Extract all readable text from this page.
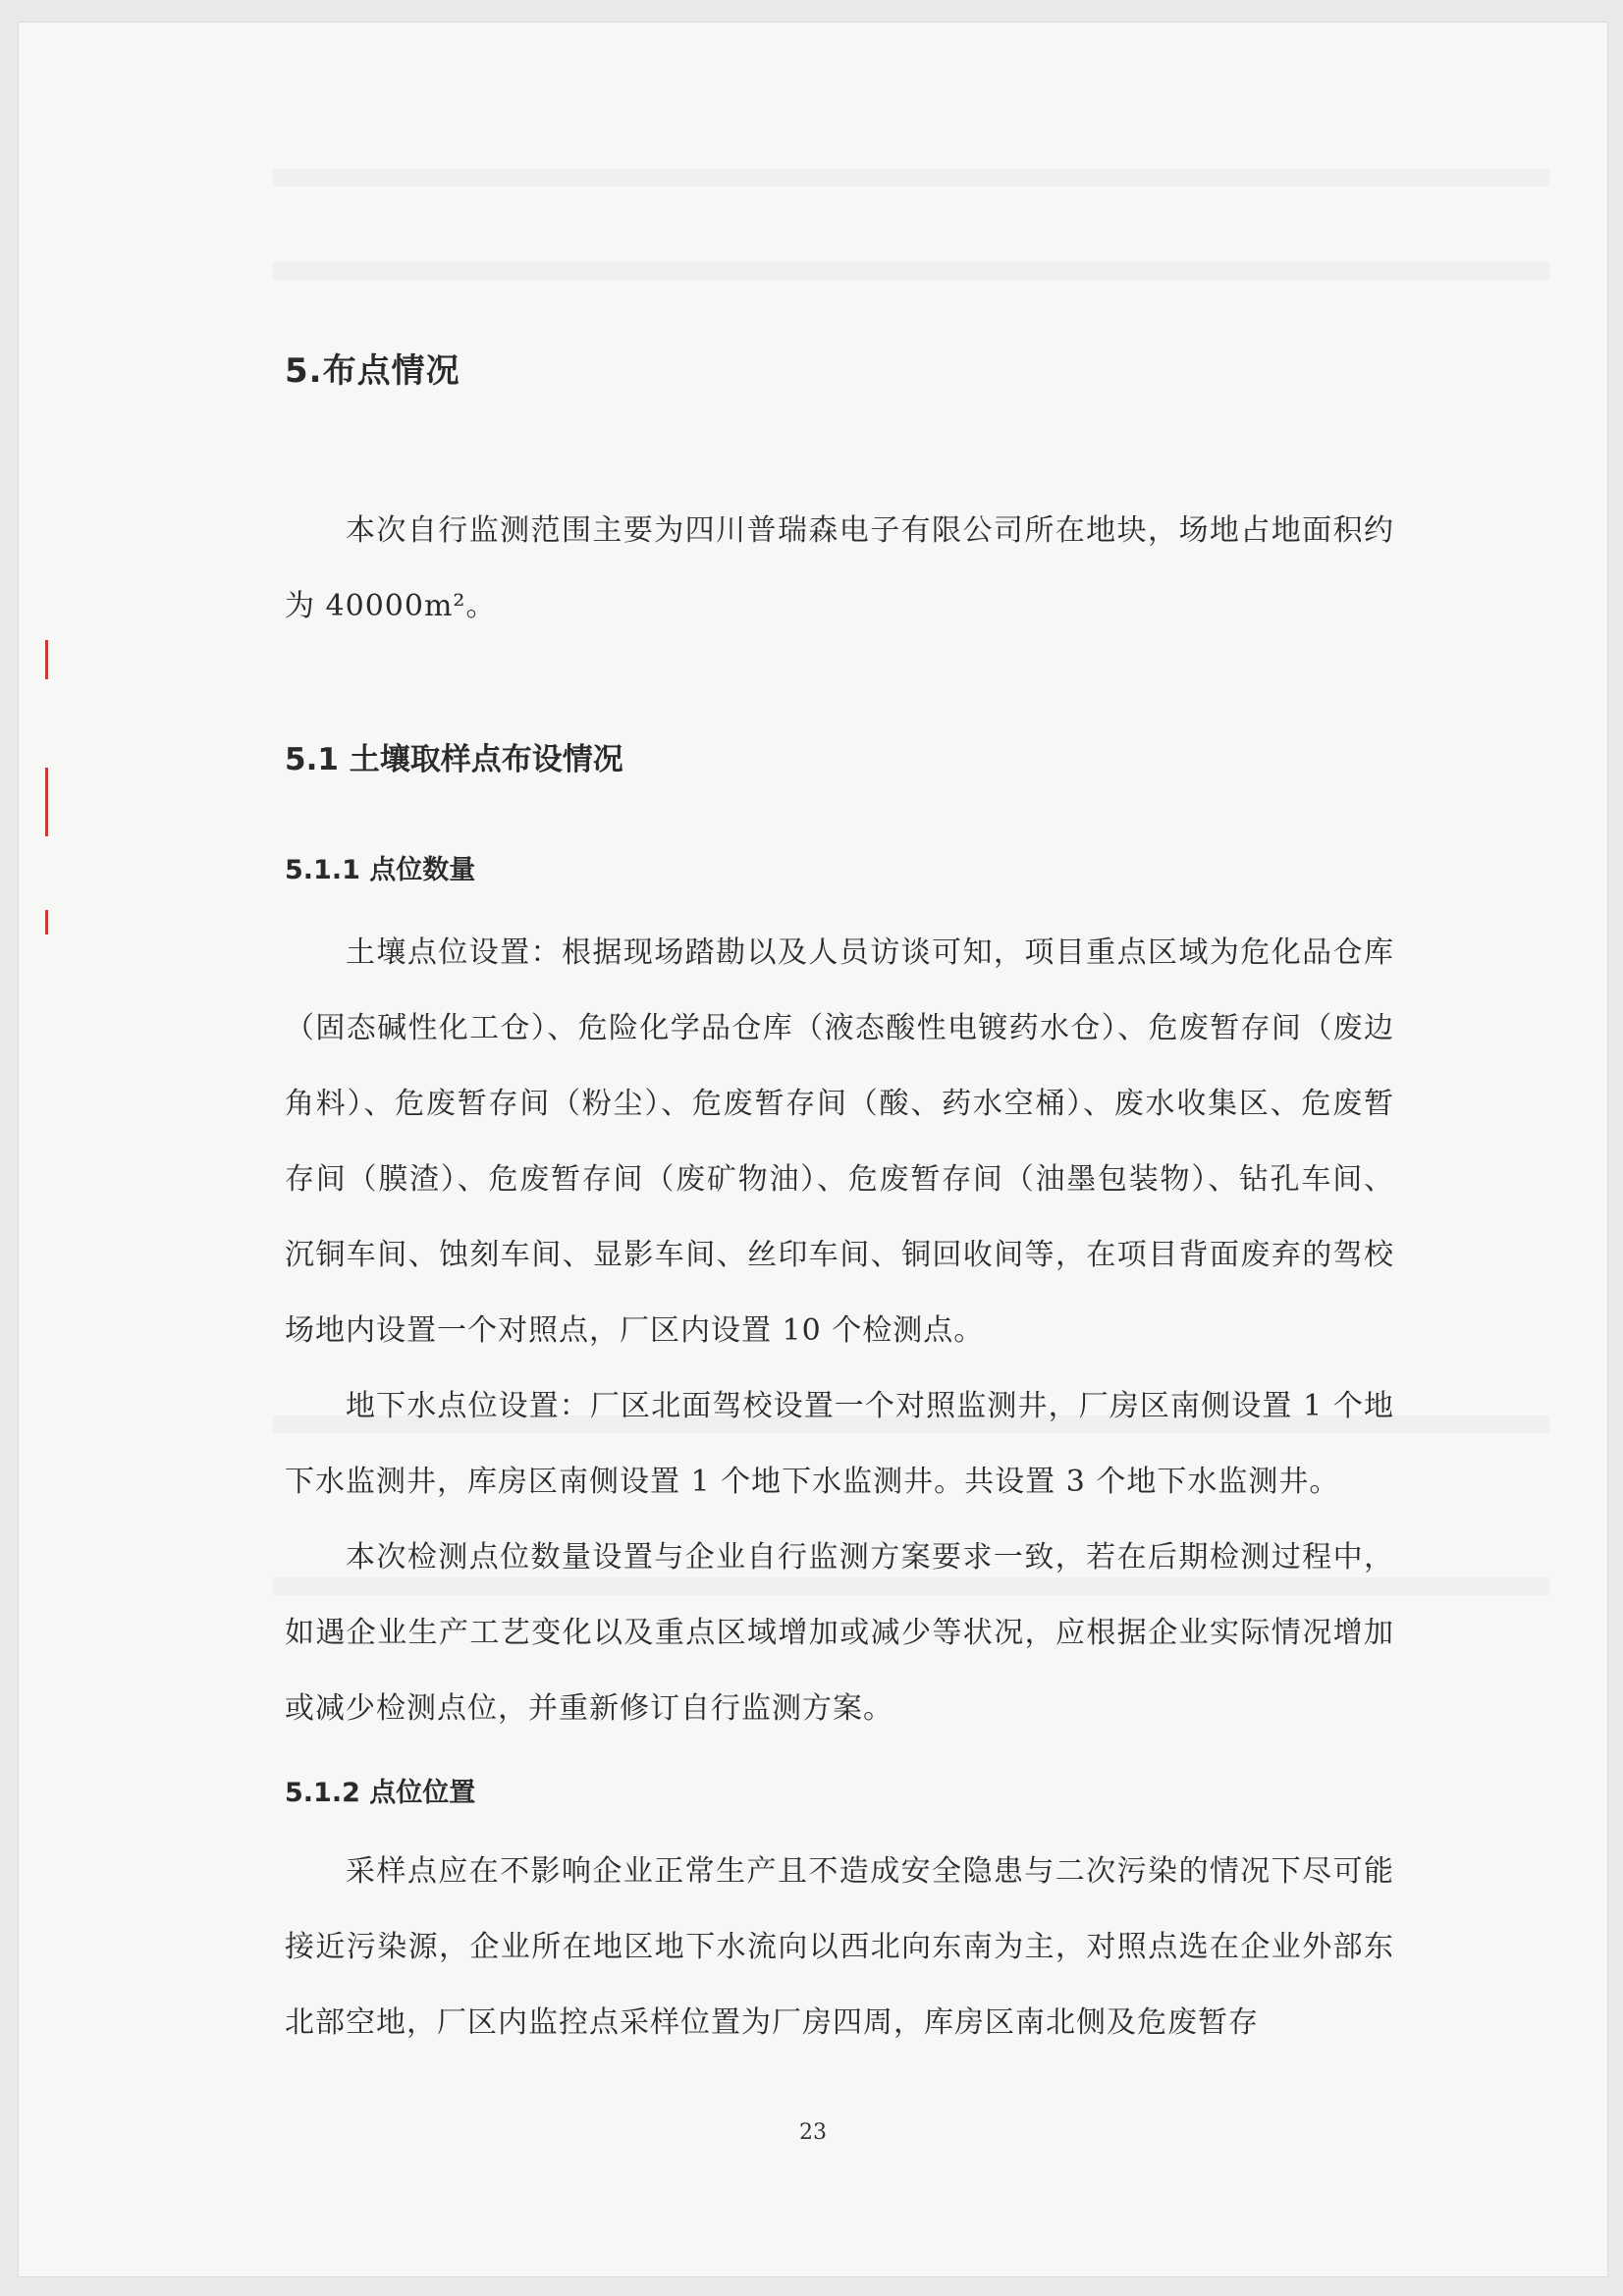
5.布点情况

本次自行监测范围主要为四川普瑞森电子有限公司所在地块，场地占地面积约为 40000m²。

5.1 土壤取样点布设情况
5.1.1 点位数量

土壤点位设置：根据现场踏勘以及人员访谈可知，项目重点区域为危化品仓库（固态碱性化工仓）、危险化学品仓库（液态酸性电镀药水仓）、危废暂存间（废边角料）、危废暂存间（粉尘）、危废暂存间（酸、药水空桶）、废水收集区、危废暂存间（膜渣）、危废暂存间（废矿物油）、危废暂存间（油墨包装物）、钻孔车间、沉铜车间、蚀刻车间、显影车间、丝印车间、铜回收间等，在项目背面废弃的驾校场地内设置一个对照点，厂区内设置 10 个检测点。

地下水点位设置：厂区北面驾校设置一个对照监测井，厂房区南侧设置 1 个地下水监测井，库房区南侧设置 1 个地下水监测井。共设置 3 个地下水监测井。

本次检测点位数量设置与企业自行监测方案要求一致，若在后期检测过程中， 如遇企业生产工艺变化以及重点区域增加或减少等状况，应根据企业实际情况增加或减少检测点位，并重新修订自行监测方案。

5.1.2 点位位置

采样点应在不影响企业正常生产且不造成安全隐患与二次污染的情况下尽可能接近污染源，企业所在地区地下水流向以西北向东南为主，对照点选在企业外部东北部空地，厂区内监控点采样位置为厂房四周，库房区南北侧及危废暂存

23
